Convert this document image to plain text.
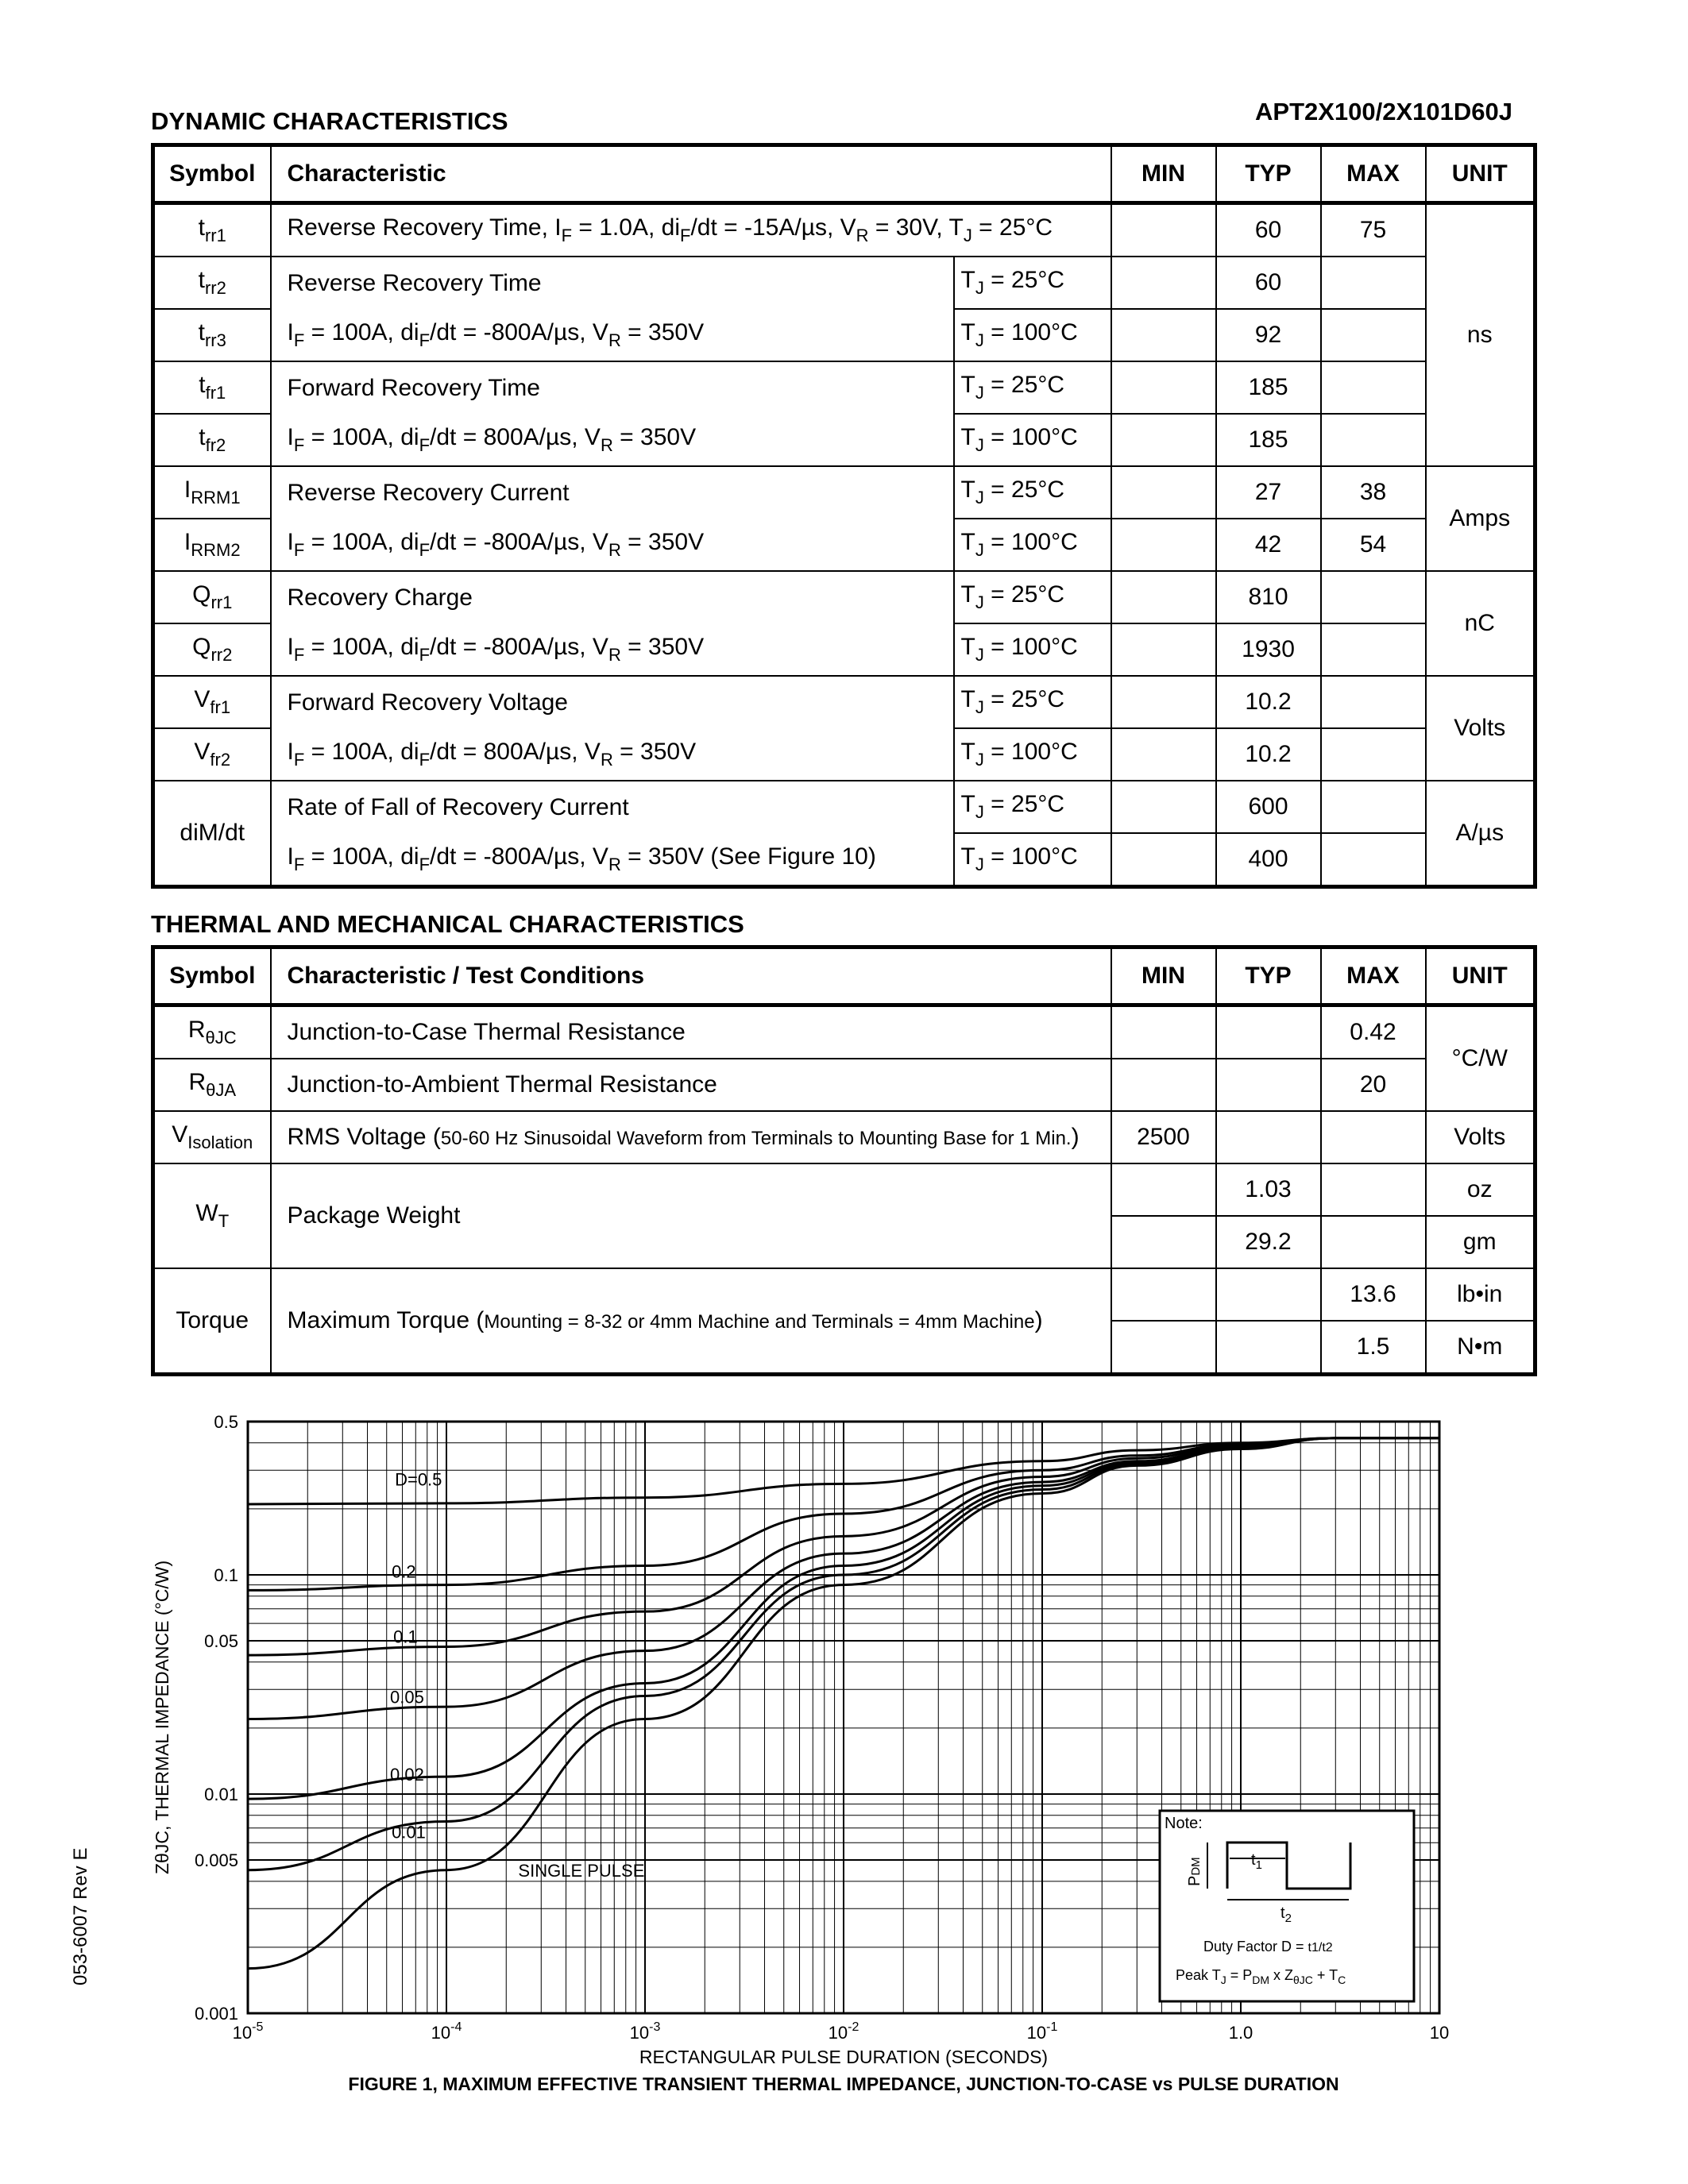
DYNAMIC CHARACTERISTICS	APT2X100/2X101D60J
Symbol	Characteristic		MIN	TYP	MAX	UNIT
$t_{rr1}$	Reverse Recovery Time, $I_F = 1.0A$, $di_F/dt = -15A/\mu s$, $V_R = 30V$, $T_J = 25^\circ C$			60	75	ns
$t_{rr2}$	Reverse Recovery Time	$T_J = 25^\circ C$		60		
$t_{rr3}$	$I_F = 100A$, $di_F/dt = -800A/\mu s$, $V_R = 350V$	$T_J = 100^\circ C$		92		
$t_{fr1}$	Forward Recovery Time	$T_J = 25^\circ C$		185		
$t_{fr2}$	$I_F = 100A$, $di_F/dt = 800A/\mu s$, $V_R = 350V$	$T_J = 100^\circ C$		185		
$I_{RRM1}$	Reverse Recovery Current	$T_J = 25^\circ C$		27	38	Amps
$I_{RRM2}$	$I_F = 100A$, $di_F/dt = -800A/\mu s$, $V_R = 350V$	$T_J = 100^\circ C$		42	54	
$Q_{rr1}$	Recovery Charge	$T_J = 25^\circ C$		810		nC
$Q_{rr2}$	$I_F = 100A$, $di_F/dt = -800A/\mu s$, $V_R = 350V$	$T_J = 100^\circ C$		1930		
$V_{fr1}$	Forward Recovery Voltage	$T_J = 25^\circ C$		10.2		Volts
$V_{fr2}$	$I_F = 100A$, $di_F/dt = 800A/\mu s$, $V_R = 350V$	$T_J = 100^\circ C$		10.2		
diM/dt	Rate of Fall of Recovery Current	$T_J = 25^\circ C$		600		A/µs
	$I_F = 100A$, $di_F/dt = -800A/\mu s$, $V_R = 350V$ (See Figure 10)	$T_J = 100^\circ C$		400		
THERMAL AND MECHANICAL CHARACTERISTICS
Symbol	Characteristic / Test Conditions	MIN	TYP	MAX	UNIT
$R_{\theta JC}$	Junction-to-Case Thermal Resistance			0.42	°C/W
$R_{\theta JA}$	Junction-to-Ambient Thermal Resistance			20	
$V_{Isolation}$	RMS Voltage (50-60 Hz Sinusoidal Waveform from Terminals to Mounting Base for 1 Min.)	2500			Volts
$W_T$	Package Weight		1.03		oz
			29.2		gm
Torque	Maximum Torque (Mounting = 8-32 or 4mm Machine and Terminals = 4mm Machine)			13.6	lb•in
				1.5	N•m
0.5
0.1
0.05
0.01
0.005
0.001
$10^{-5}$	$10^{-4}$	$10^{-3}$	$10^{-2}$	$10^{-1}$	1.0	10
D=0.5
0.2
0.1
0.05
0.02
0.01
SINGLE PULSE
RECTANGULAR PULSE DURATION (SECONDS)
FIGURE 1, MAXIMUM EFFECTIVE TRANSIENT THERMAL IMPEDANCE, JUNCTION-TO-CASE vs PULSE DURATION
ZθJC, THERMAL IMPEDANCE (°C/W)	Note:
PDM	$t_1$
$t_2$
Duty Factor D = t1/t2
Peak $T_J = P_{DM}$ x $Z_{\theta JC} + T_C$
053-6007 Rev E
